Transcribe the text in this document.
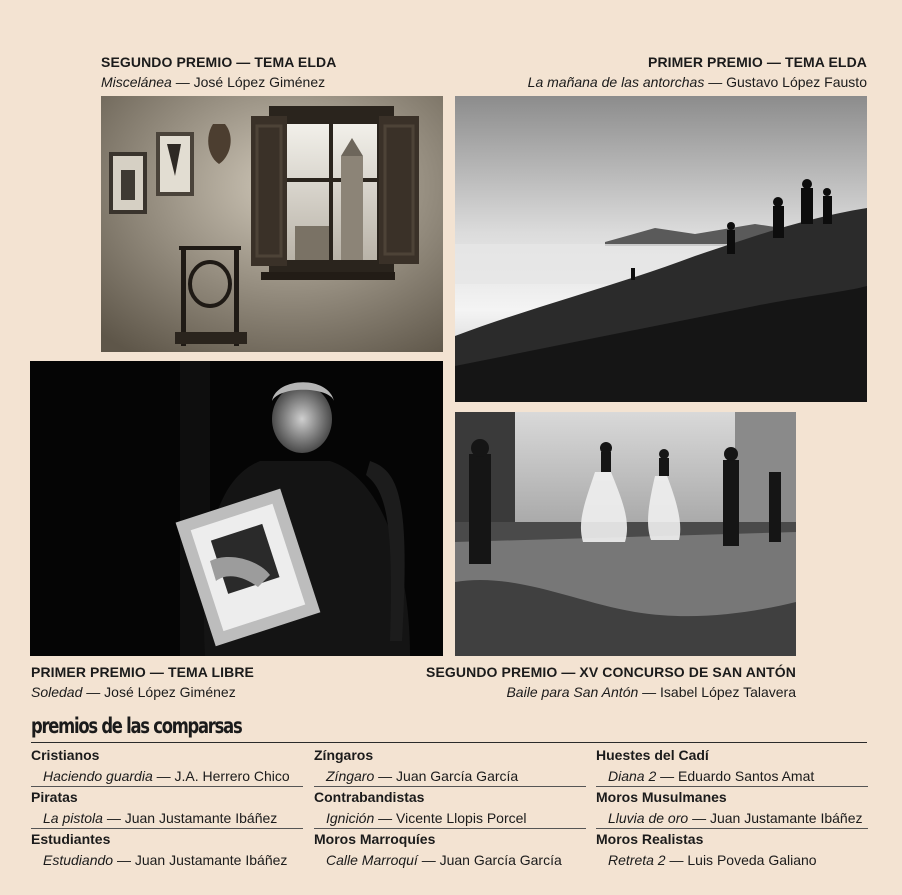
SEGUNDO PREMIO — TEMA ELDA
Miscelánea — José López Giménez
PRIMER PREMIO — TEMA ELDA
La mañana de las antorchas — Gustavo López Fausto
PRIMER PREMIO — TEMA LIBRE
Soledad — José López Giménez
SEGUNDO PREMIO — XV CONCURSO DE SAN ANTÓN
Baile para San Antón — Isabel López Talavera
premios de las comparsas
Cristianos
Haciendo guardia — J.A. Herrero Chico
Piratas
La pistola — Juan Justamante Ibáñez
Estudiantes
Estudiando — Juan Justamante Ibáñez
Zíngaros
Zíngaro — Juan García García
Contrabandistas
Ignición — Vicente Llopis Porcel
Moros Marroquíes
Calle Marroquí — Juan García García
Huestes del Cadí
Diana 2 — Eduardo Santos Amat
Moros Musulmanes
Lluvia de oro — Juan Justamante Ibáñez
Moros Realistas
Retreta 2 — Luis Poveda Galiano
